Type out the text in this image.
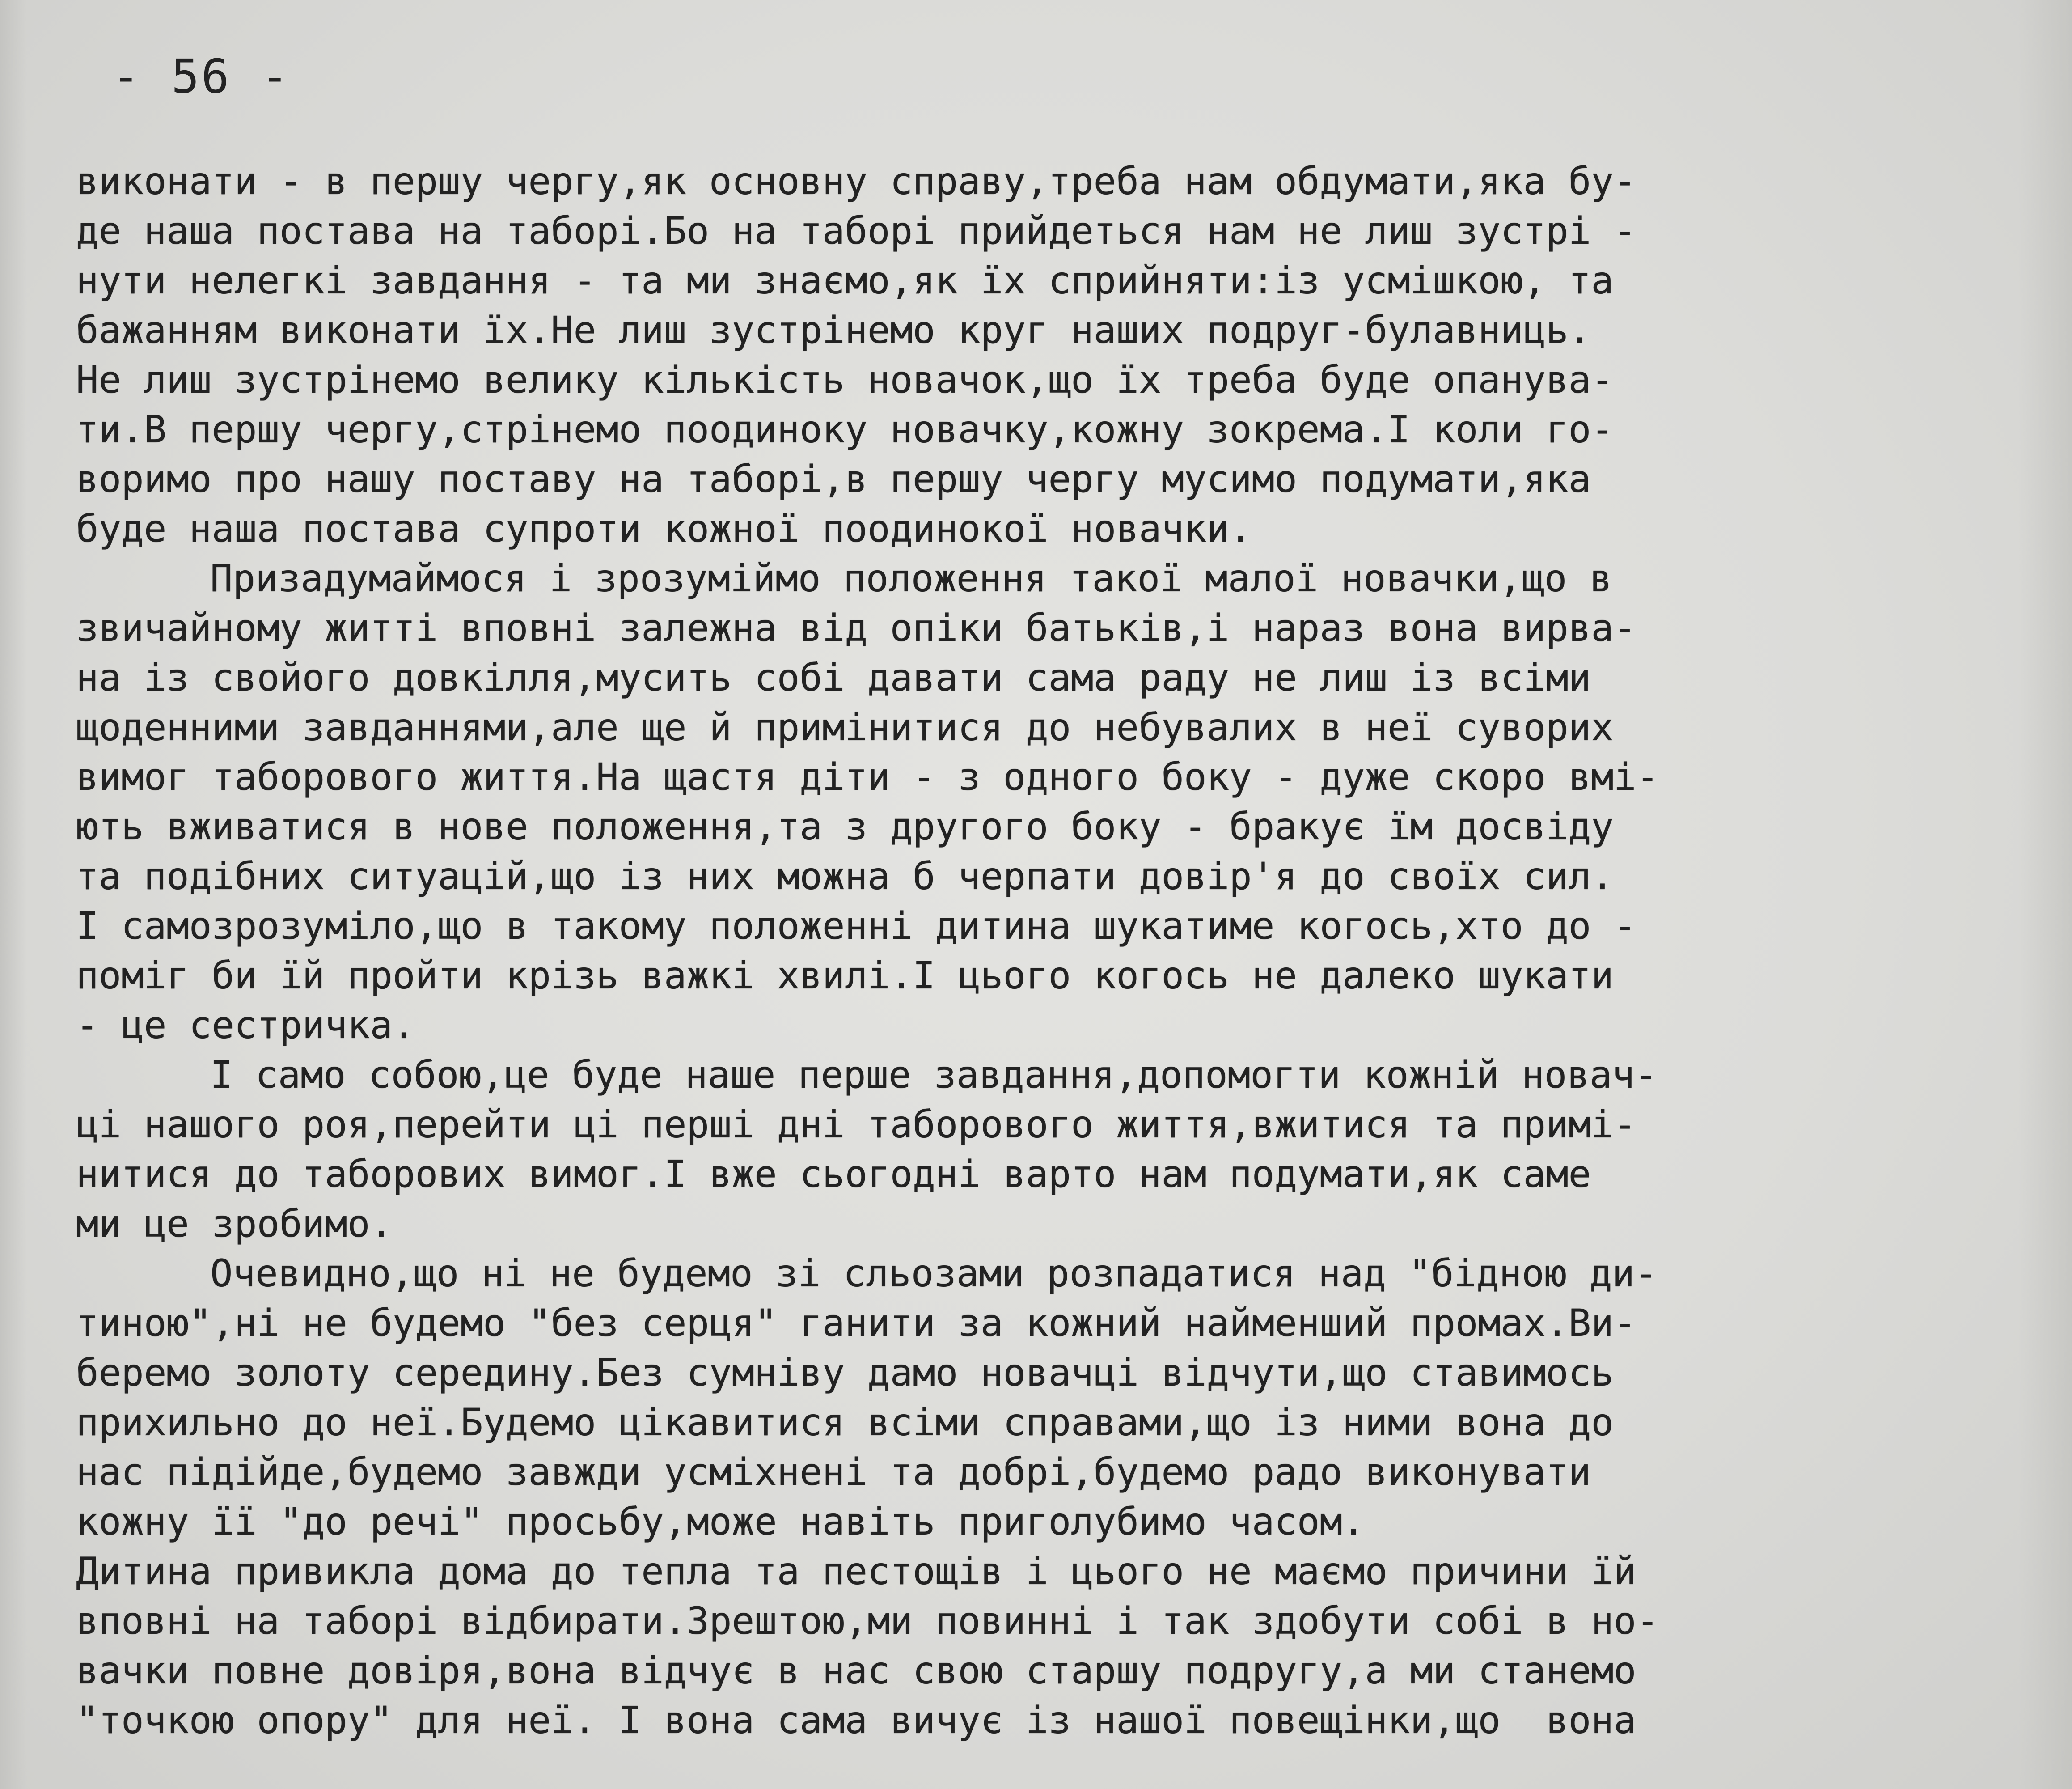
- 56 -
виконати - в першу чергу,як основну справу,треба нам обдумати,яка бу-
де наша постава на таборі.Бо на таборі прийдеться нам не лиш зустрі -
нути нелегкі завдання - та ми знаємо,як їх сприйняти:із усмішкою, та
бажанням виконати їх.Не лиш зустрінемо круг наших подруг-булавниць.
Не лиш зустрінемо велику кількість новачок,що їх треба буде опанува-
ти.В першу чергу,стрінемо поодиноку новачку,кожну зокрема.І коли го-
воримо про нашу поставу на таборі,в першу чергу мусимо подумати,яка
буде наша постава супроти кожної поодинокої новачки.
Призадумаймося і зрозуміймо положення такої малої новачки,що в
звичайному житті вповні залежна від опіки батьків,і нараз вона вирва-
на із свойого довкілля,мусить собі давати сама раду не лиш із всіми
щоденними завданнями,але ще й примінитися до небувалих в неї суворих
вимог таборового життя.На щастя діти - з одного боку - дуже скоро вмі-
ють вживатися в нове положення,та з другого боку - бракує їм досвіду
та подібних ситуацій,що із них можна б черпати довір'я до своїх сил.
І самозрозуміло,що в такому положенні дитина шукатиме когось,хто до -
поміг би їй пройти крізь важкі хвилі.І цього когось не далеко шукати
- це сестричка.
І само собою,це буде наше перше завдання,допомогти кожній новач-
ці нашого роя,перейти ці перші дні таборового життя,вжитися та примі-
нитися до таборових вимог.І вже сьогодні варто нам подумати,як саме
ми це зробимо.
Очевидно,що ні не будемо зі сльозами розпадатися над "бідною ди-
тиною",ні не будемо "без серця" ганити за кожний найменший промах.Ви-
беремо золоту середину.Без сумніву дамо новачці відчути,що ставимось
прихильно до неї.Будемо цікавитися всіми справами,що із ними вона до
нас підійде,будемо завжди усміхнені та добрі,будемо радо виконувати
кожну її "до речі" просьбу,може навіть приголубимо часом.
Дитина привикла дома до тепла та пестощів і цього не маємо причини їй
вповні на таборі відбирати.Зрештою,ми повинні і так здобути собі в но-
вачки повне довіря,вона відчує в нас свою старшу подругу,а ми станемо
"точкою опору" для неї. І вона сама вичує із нашої повещінки,що  вона
